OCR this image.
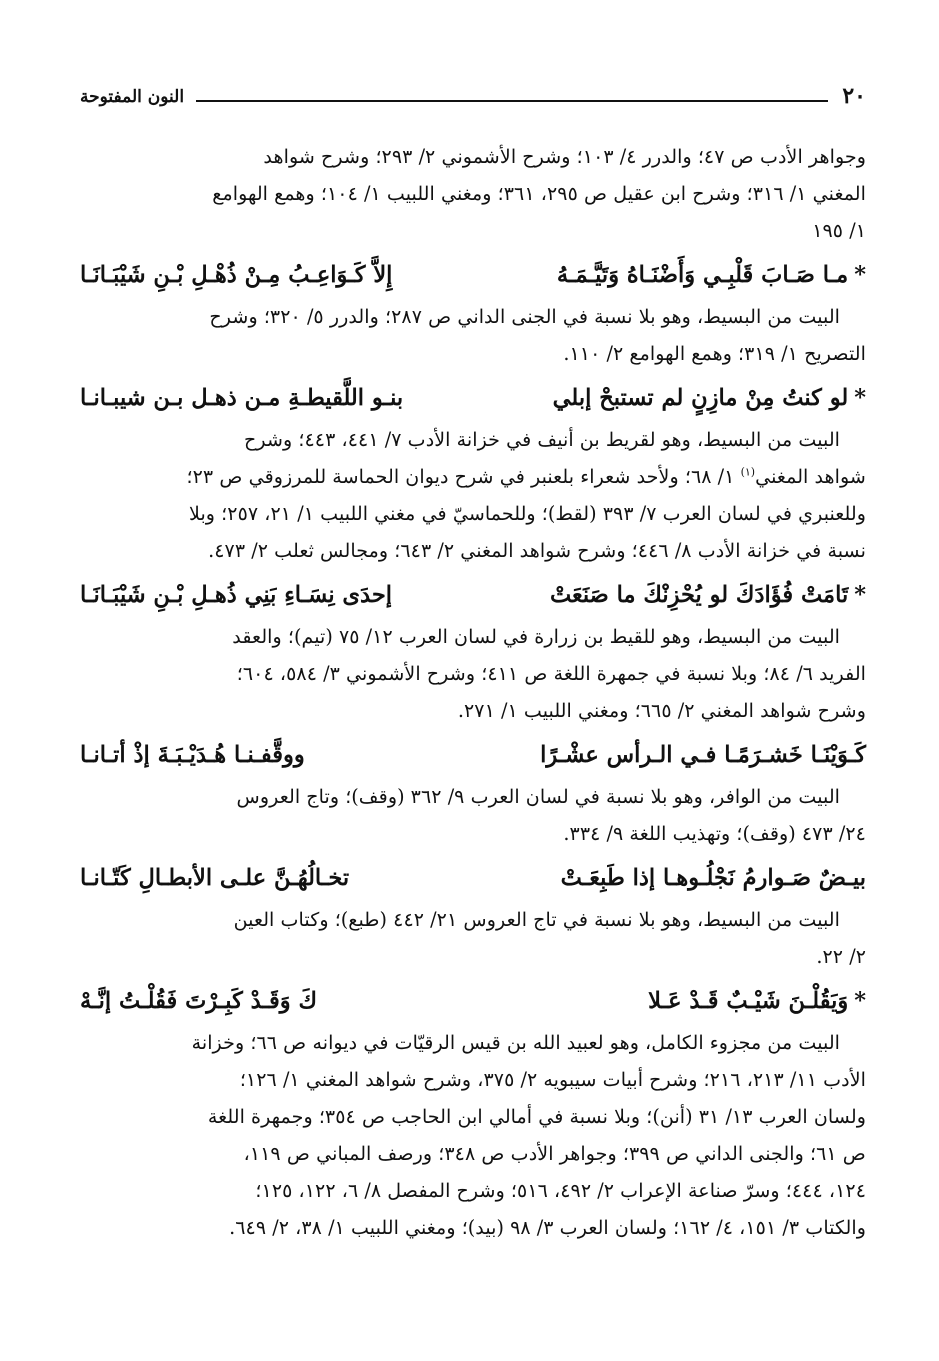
٢٠
النون المفتوحة

وجواهر الأدب ص ٤٧؛ والدرر ٤/ ١٠٣؛ وشرح الأشموني ٢/ ٢٩٣؛ وشرح شواهد

المغني ١/ ٣١٦؛ وشرح ابن عقيل ص ٢٩٥، ٣٦١؛ ومغني اللبيب ١/ ١٠٤؛ وهمع الهوامع

١/ ١٩٥

*
مـا صَـابَ قَلْبِـي وَأَضْنَـاهُ وَتَيَّـمَـهُ
إِلاَّ كَـوَاعِـبُ مِـنْ ذُهْـلِ بْـنِ شَيْبَـانَـا

البيت من البسيط، وهو بلا نسبة في الجنى الداني ص ٢٨٧؛ والدرر ٥/ ٣٢٠؛ وشرح

التصريح ١/ ٣١٩؛ وهمع الهوامع ٢/ ١١٠.

*
لو كنتُ مِنْ مازِنٍ لم تستبحْ إبلي
بنـو اللَّقيطـةِ مـن ذهـل بـن شيبـانـا

البيت من البسيط، وهو لقريط بن أنيف في خزانة الأدب ٧/ ٤٤١، ٤٤٣؛ وشرح

شواهد المغني$^{(١)}$ ١/ ٦٨؛ ولأحد شعراء بلعنبر في شرح ديوان الحماسة للمرزوقي ص ٢٣؛

وللعنبري في لسان العرب ٧/ ٣٩٣ (لقط)؛ وللحماسيّ في مغني اللبيب ١/ ٢١، ٢٥٧؛ وبلا

نسبة في خزانة الأدب ٨/ ٤٤٦؛ وشرح شواهد المغني ٢/ ٦٤٣؛ ومجالس ثعلب ٢/ ٤٧٣.

*
تَامَتْ فُؤَادَكَ لو يُحْزِنْكَ ما صَنَعَتْ
إحدَى نِسَـاءِ بَنِي ذُهـلِ بْـنِ شَيْبَـانَـا

البيت من البسيط، وهو للقيط بن زرارة في لسان العرب ١٢/ ٧٥ (تيم)؛ والعقد

الفريد ٦/ ٨٤؛ وبلا نسبة في جمهرة اللغة ص ٤١١؛ وشرح الأشموني ٣/ ٥٨٤، ٦٠٤؛

وشرح شواهد المغني ٢/ ٦٦٥؛ ومغني اللبيب ١/ ٢٧١.

كَـوَيْنَـا خَشـرَمًـا فـي الـرأس عشْـرًا
ووقَّفـنـا هُـدَيْـبَـةَ إذْ أتـانـا

البيت من الوافر، وهو بلا نسبة في لسان العرب ٩/ ٣٦٢ (وقف)؛ وتاج العروس

٢٤/ ٤٧٣ (وقف)؛ وتهذيب اللغة ٩/ ٣٣٤.

بيـضٌ صَـوارمُ نَجْلُـوهـا إذا طَبِعَـتْ
تخـالُهُـنَّ علـى الأبطـالِ كَتّـانـا

البيت من البسيط، وهو بلا نسبة في تاج العروس ٢١/ ٤٤٢ (طبع)؛ وكتاب العين

٢/ ٢٢.

*
وَيَقُلْـنَ شَيْـبٌ قَـدْ عَـلا
كَ وَقَـدْ كَبِـرْتَ فَقُلْـتُ إنَّـهْ

البيت من مجزوء الكامل، وهو لعبيد الله بن قيس الرقيّات في ديوانه ص ٦٦؛ وخزانة

الأدب ١١/ ٢١٣، ٢١٦؛ وشرح أبيات سيبويه ٢/ ٣٧٥، وشرح شواهد المغني ١/ ١٢٦؛

ولسان العرب ١٣/ ٣١ (أنن)؛ وبلا نسبة في أمالي ابن الحاجب ص ٣٥٤؛ وجمهرة اللغة

ص ٦١؛ والجنى الداني ص ٣٩٩؛ وجواهر الأدب ص ٣٤٨؛ ورصف المباني ص ١١٩،

١٢٤، ٤٤٤؛ وسرّ صناعة الإعراب ٢/ ٤٩٢، ٥١٦؛ وشرح المفصل ٨/ ٦، ١٢٢، ١٢٥؛

والكتاب ٣/ ١٥١، ٤/ ١٦٢؛ ولسان العرب ٣/ ٩٨ (بيد)؛ ومغني اللبيب ١/ ٣٨، ٢/ ٦٤٩.
